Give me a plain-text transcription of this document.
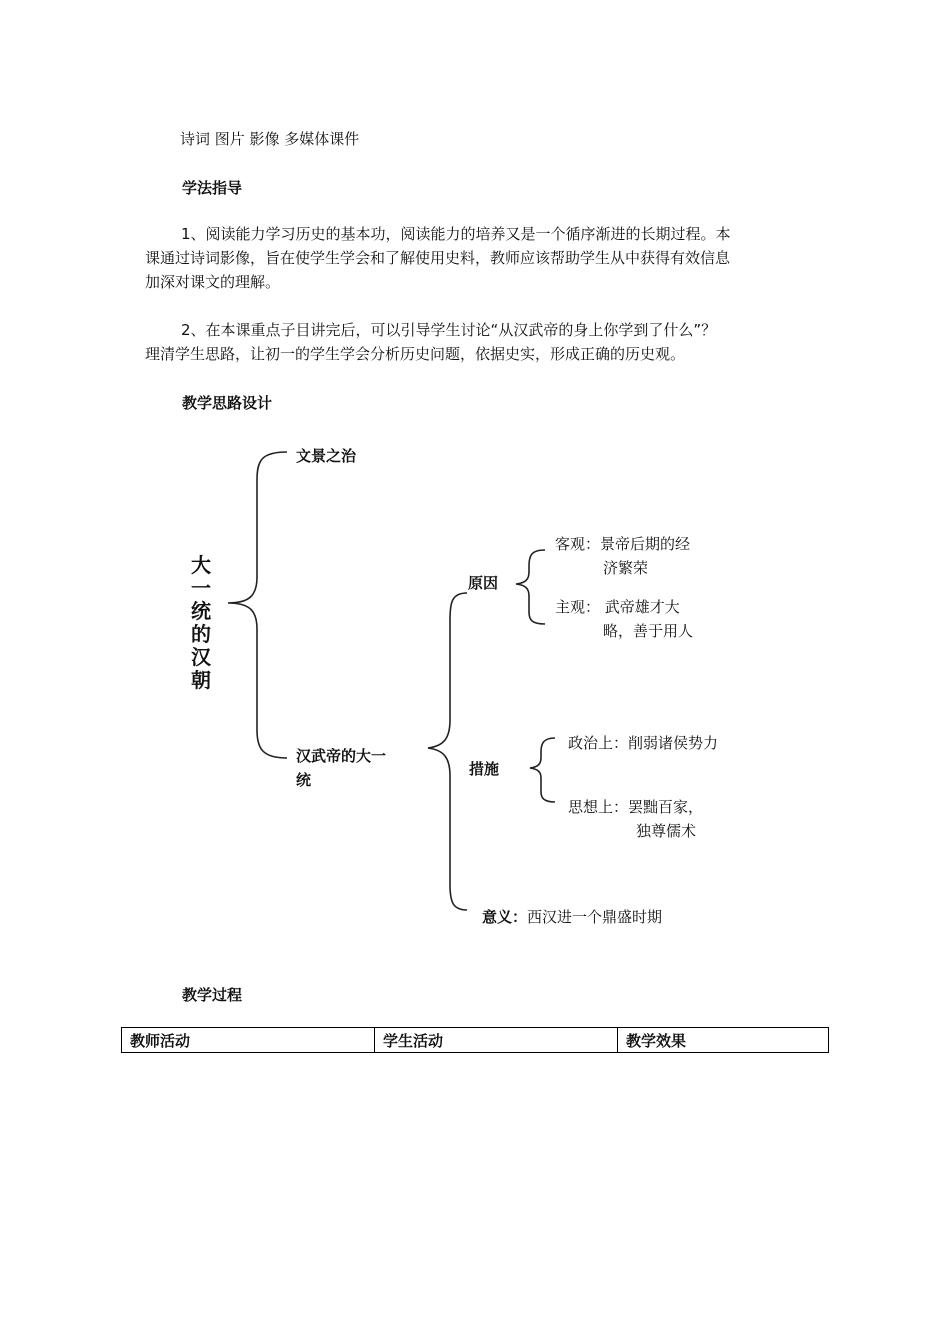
诗词 图片 影像 多媒体课件
学法指导
1、阅读能力学习历史的基本功，阅读能力的培养又是一个循序渐进的长期过程。本
课通过诗词影像，旨在使学生学会和了解使用史料，教师应该帮助学生从中获得有效信息
加深对课文的理解。
2、在本课重点子目讲完后，可以引导学生讨论“从汉武帝的身上你学到了什么”？
理清学生思路，让初一的学生学会分析历史问题，依据史实，形成正确的历史观。
教学思路设计
大
一
统
的
汉
朝
文景之治
汉武帝的大一
统
原因
客观：景帝后期的经
济繁荣
主观： 武帝雄才大
略，善于用人
措施
政治上：削弱诸侯势力
思想上：罢黜百家，
独尊儒术
意义：西汉进一个鼎盛时期
教学过程
教师活动	学生活动	教学效果
